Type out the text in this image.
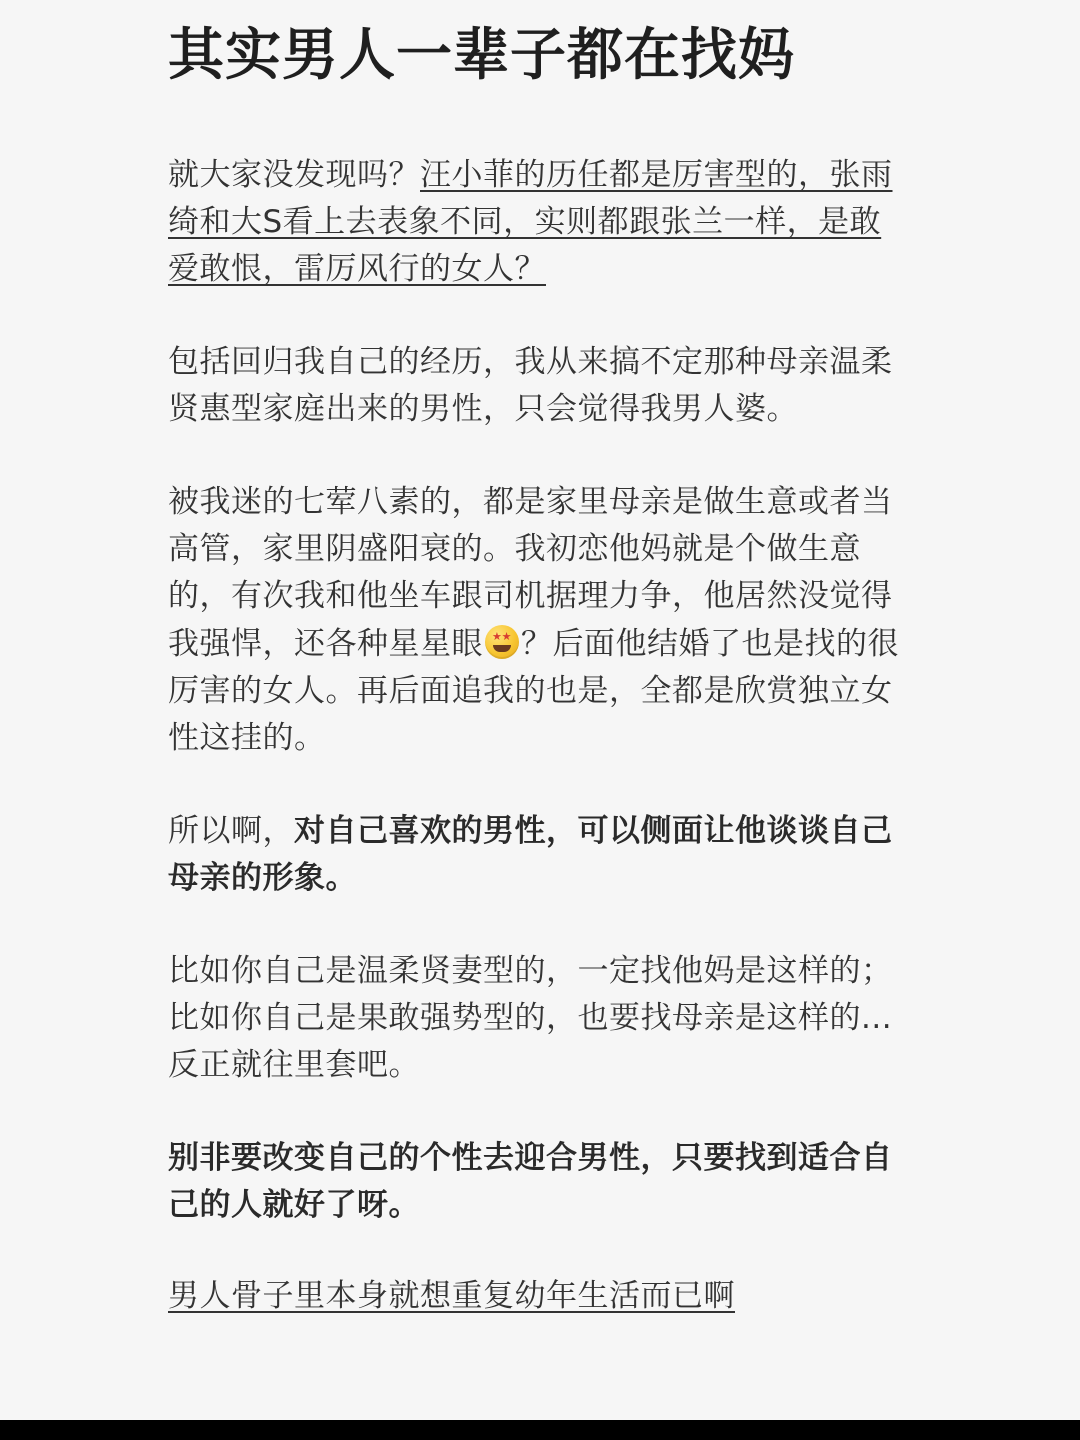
其实男人一辈子都在找妈

就大家没发现吗？汪小菲的历任都是厉害型的，张雨绮和大S看上去表象不同，实则都跟张兰一样，是敢爱敢恨，雷厉风行的女人？

包括回归我自己的经历，我从来搞不定那种母亲温柔贤惠型家庭出来的男性，只会觉得我男人婆。

被我迷的七荤八素的，都是家里母亲是做生意或者当高管，家里阴盛阳衰的。我初恋他妈就是个做生意的，有次我和他坐车跟司机据理力争，他居然没觉得我强悍，还各种星星眼★
★ ？后面他结婚了也是找的很厉害的女人。再后面追我的也是，全都是欣赏独立女性这挂的。

所以啊，对自己喜欢的男性，可以侧面让他谈谈自己母亲的形象。

比如你自己是温柔贤妻型的，一定找他妈是这样的；比如你自己是果敢强势型的，也要找母亲是这样的...反正就往里套吧。

别非要改变自己的个性去迎合男性，只要找到适合自己的人就好了呀。

男人骨子里本身就想重复幼年生活而已啊
